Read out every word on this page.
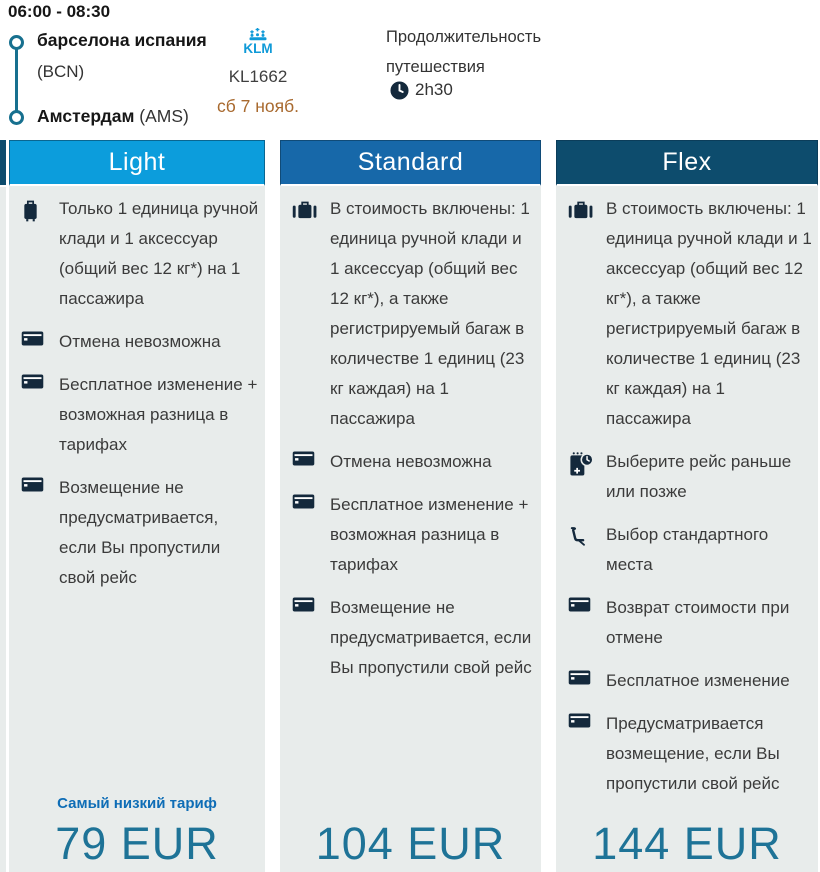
06:00 - 08:30
барселона испания
(BCN)
Амстердам (AMS)
KLM
KL1662
сб 7 нояб.
Продолжительность путешествия
2h30
Light
Только 1 единица ручной клади и 1 аксессуар (общий вес 12 кг*) на 1 пассажира
Отмена невозможна
Бесплатное изменение + возможная разница в тарифах
Возмещение не предусматривается, если Вы пропустили свой рейс
Самый низкий тариф
79 EUR
Standard
В стоимость включены: 1 единица ручной клади и 1 аксессуар (общий вес 12 кг*), а также регистрируемый багаж в количестве 1 единиц (23 кг каждая) на 1 пассажира
Отмена невозможна
Бесплатное изменение + возможная разница в тарифах
Возмещение не предусматривается, если Вы пропустили свой рейс
104 EUR
Flex
В стоимость включены: 1 единица ручной клади и 1 аксессуар (общий вес 12 кг*), а также регистрируемый багаж в количестве 1 единиц (23 кг каждая) на 1 пассажира
Выберите рейс раньше или позже
Выбор стандартного места
Возврат стоимости при отмене
Бесплатное изменение
Предусматривается возмещение, если Вы пропустили свой рейс
144 EUR
